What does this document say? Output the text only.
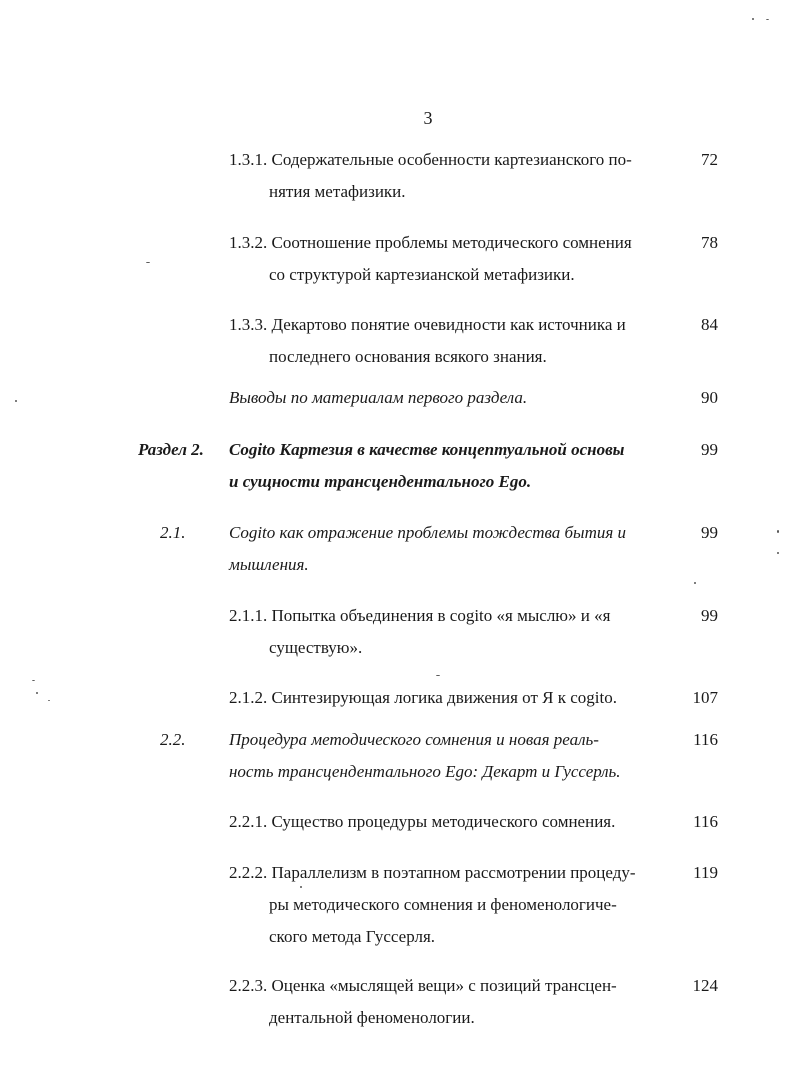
3
1.3.1. Содержательные особенности картезианского по-
нятия метафизики.
72
1.3.2. Соотношение проблемы методического сомнения
со структурой картезианской метафизики.
78
1.3.3. Декартово понятие очевидности как источника и
последнего основания всякого знания.
84
Выводы по материалам первого раздела.	90
Раздел 2. Cogito Картезия в качестве концептуальной основы
и сущности трансцендентального Ego.
99
2.1.	Cogito как отражение проблемы тождества бытия и
мышления.
99
2.1.1. Попытка объединения в cogito «я мыслю» и «я
существую».
99
2.1.2. Синтезирующая логика движения от Я к cogito.	107
2.2.	Процедура методического сомнения и новая реаль-
ность трансцендентального Ego: Декарт и Гуссерль.
116
2.2.1. Существо процедуры методического сомнения.	116
2.2.2. Параллелизм в поэтапном рассмотрении процеду-
ры методического сомнения и феноменологиче-
ского метода Гуссерля.
119
2.2.3. Оценка «мыслящей вещи» с позиций трансцен-
дентальной феноменологии.
124
